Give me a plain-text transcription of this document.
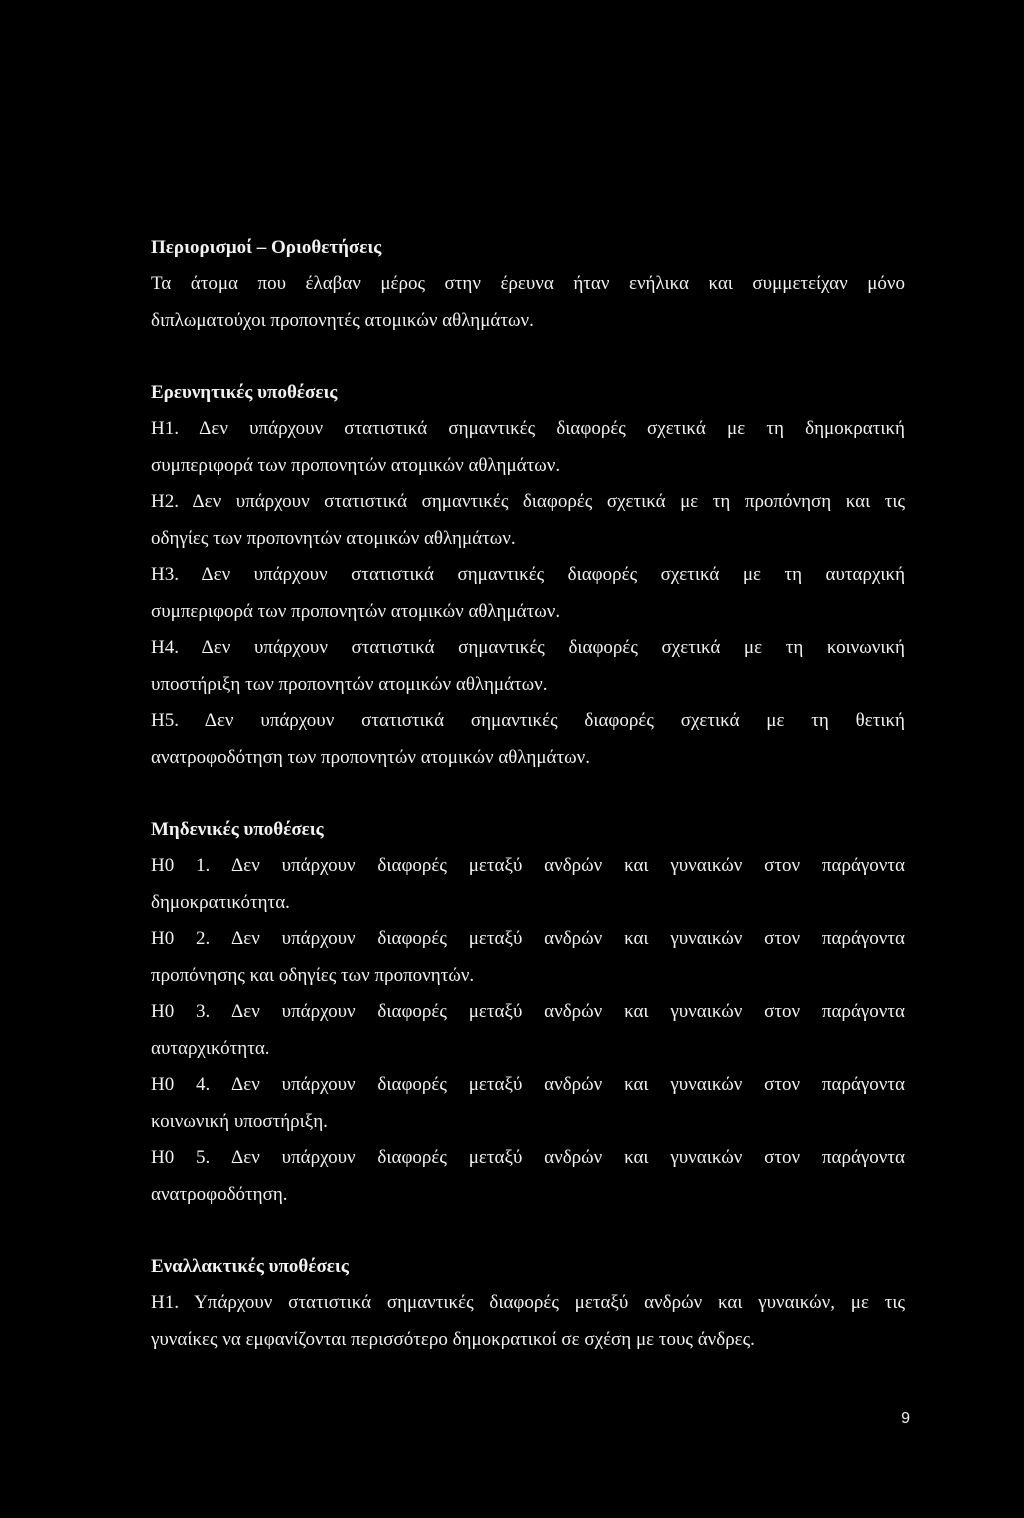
Περιορισμοί – Οριοθετήσεις
Τα άτομα που έλαβαν μέρος στην έρευνα ήταν ενήλικα και συμμετείχαν μόνο
διπλωματούχοι προπονητές ατομικών αθλημάτων.
Ερευνητικές υποθέσεις
Η1. Δεν υπάρχουν στατιστικά σημαντικές διαφορές σχετικά με τη δημοκρατική
συμπεριφορά των προπονητών ατομικών αθλημάτων.
Η2. Δεν υπάρχουν στατιστικά σημαντικές διαφορές σχετικά με τη προπόνηση και τις
οδηγίες των προπονητών ατομικών αθλημάτων.
Η3. Δεν υπάρχουν στατιστικά σημαντικές διαφορές σχετικά με τη αυταρχική
συμπεριφορά των προπονητών ατομικών αθλημάτων.
Η4. Δεν υπάρχουν στατιστικά σημαντικές διαφορές σχετικά με τη κοινωνική
υποστήριξη των προπονητών ατομικών αθλημάτων.
Η5. Δεν υπάρχουν στατιστικά σημαντικές διαφορές σχετικά με τη θετική
ανατροφοδότηση των προπονητών ατομικών αθλημάτων.
Μηδενικές υποθέσεις
Η0 1. Δεν υπάρχουν διαφορές μεταξύ ανδρών και γυναικών στον παράγοντα
δημοκρατικότητα.
Η0 2. Δεν υπάρχουν διαφορές μεταξύ ανδρών και γυναικών στον παράγοντα
προπόνησης και οδηγίες των προπονητών.
Η0 3. Δεν υπάρχουν διαφορές μεταξύ ανδρών και γυναικών στον παράγοντα
αυταρχικότητα.
Η0 4. Δεν υπάρχουν διαφορές μεταξύ ανδρών και γυναικών στον παράγοντα
κοινωνική υποστήριξη.
Η0 5. Δεν υπάρχουν διαφορές μεταξύ ανδρών και γυναικών στον παράγοντα
ανατροφοδότηση.
Εναλλακτικές υποθέσεις
Η1. Υπάρχουν στατιστικά σημαντικές διαφορές μεταξύ ανδρών και γυναικών, με τις
γυναίκες να εμφανίζονται περισσότερο δημοκρατικοί σε σχέση με τους άνδρες.
9
